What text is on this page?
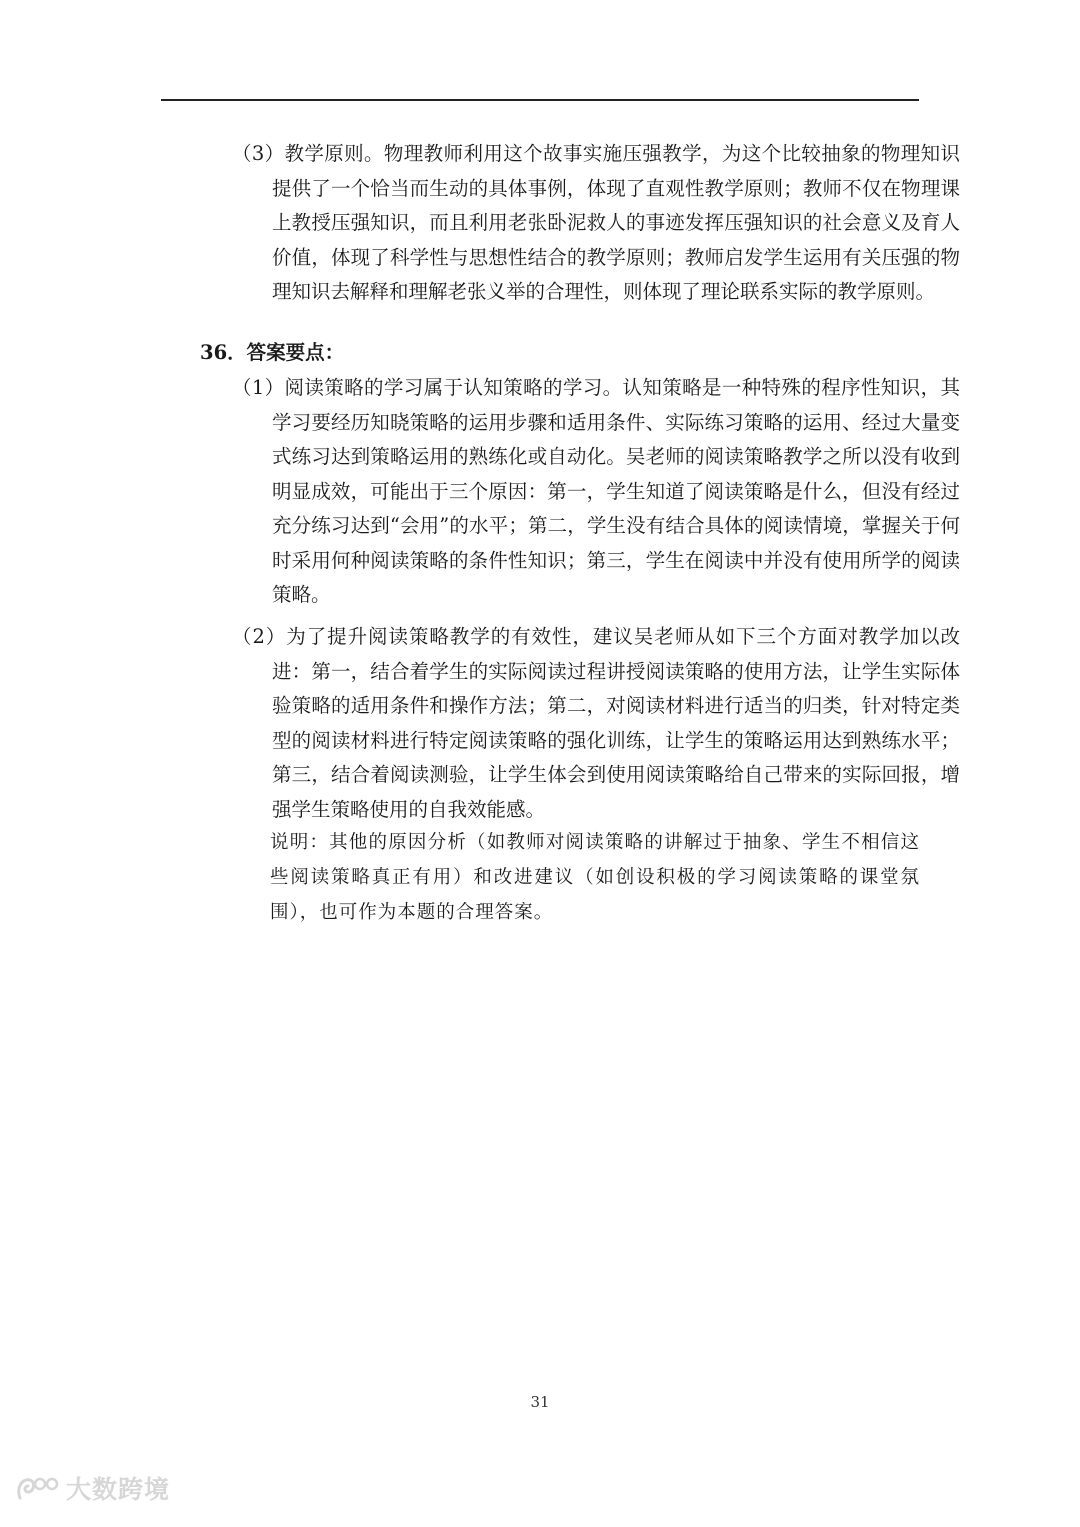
（3）教学原则。物理教师利用这个故事实施压强教学，为这个比较抽象的物理知识提供了一个恰当而生动的具体事例，体现了直观性教学原则；教师不仅在物理课上教授压强知识，而且利用老张卧泥救人的事迹发挥压强知识的社会意义及育人价值，体现了科学性与思想性结合的教学原则；教师启发学生运用有关压强的物理知识去解释和理解老张义举的合理性，则体现了理论联系实际的教学原则。
36．答案要点：
（1）阅读策略的学习属于认知策略的学习。认知策略是一种特殊的程序性知识，其学习要经历知晓策略的运用步骤和适用条件、实际练习策略的运用、经过大量变式练习达到策略运用的熟练化或自动化。吴老师的阅读策略教学之所以没有收到明显成效，可能出于三个原因：第一，学生知道了阅读策略是什么，但没有经过充分练习达到“会用”的水平；第二，学生没有结合具体的阅读情境，掌握关于何时采用何种阅读策略的条件性知识；第三，学生在阅读中并没有使用所学的阅读策略。
（2）为了提升阅读策略教学的有效性，建议吴老师从如下三个方面对教学加以改进：第一，结合着学生的实际阅读过程讲授阅读策略的使用方法，让学生实际体验策略的适用条件和操作方法；第二，对阅读材料进行适当的归类，针对特定类型的阅读材料进行特定阅读策略的强化训练，让学生的策略运用达到熟练水平；第三，结合着阅读测验，让学生体会到使用阅读策略给自己带来的实际回报，增强学生策略使用的自我效能感。
说明：其他的原因分析（如教师对阅读策略的讲解过于抽象、学生不相信这些阅读策略真正有用）和改进建议（如创设积极的学习阅读策略的课堂氛围），也可作为本题的合理答案。
31
大数跨境
